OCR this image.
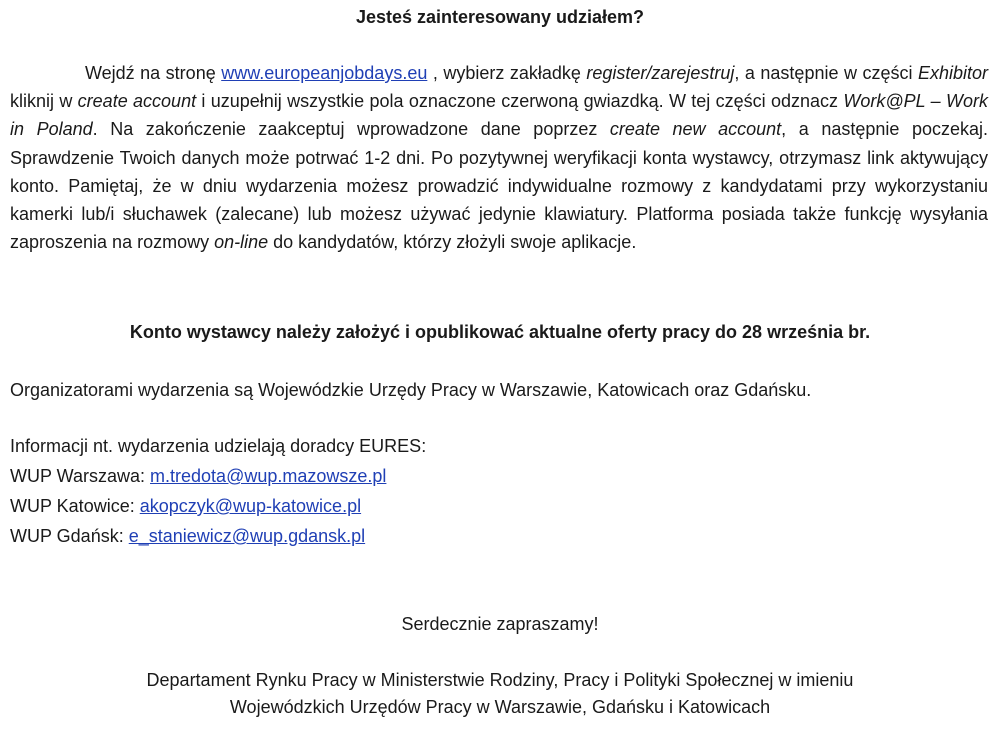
Jesteś zainteresowany udziałem?

Wejdź na stronę www.europeanjobdays.eu , wybierz zakładkę register/zarejestruj, a następnie w części Exhibitor kliknij w create account i uzupełnij wszystkie pola oznaczone czerwoną gwiazdką. W tej części odznacz Work@PL – Work in Poland. Na zakończenie zaakceptuj wprowadzone dane poprzez create new account, a następnie poczekaj. Sprawdzenie Twoich danych może potrwać 1-2 dni. Po pozytywnej weryfikacji konta wystawcy, otrzymasz link aktywujący konto. Pamiętaj, że w dniu wydarzenia możesz prowadzić indywidualne rozmowy z kandydatami przy wykorzystaniu kamerki lub/i słuchawek (zalecane) lub możesz używać jedynie klawiatury. Platforma posiada także funkcję wysyłania zaproszenia na rozmowy on-line do kandydatów, którzy złożyli swoje aplikacje.

Konto wystawcy należy założyć i opublikować aktualne oferty pracy do 28 września br.
Organizatorami wydarzenia są Wojewódzkie Urzędy Pracy w Warszawie, Katowicach oraz Gdańsku.
Informacji nt. wydarzenia udzielają doradcy EURES:
WUP Warszawa: m.tredota@wup.mazowsze.pl
WUP Katowice: akopczyk@wup-katowice.pl
WUP Gdańsk: e_staniewicz@wup.gdansk.pl
Serdecznie zapraszamy!
Departament Rynku Pracy w Ministerstwie Rodziny, Pracy i Polityki Społecznej w imieniu
Wojewódzkich Urzędów Pracy w Warszawie, Gdańsku i Katowicach
